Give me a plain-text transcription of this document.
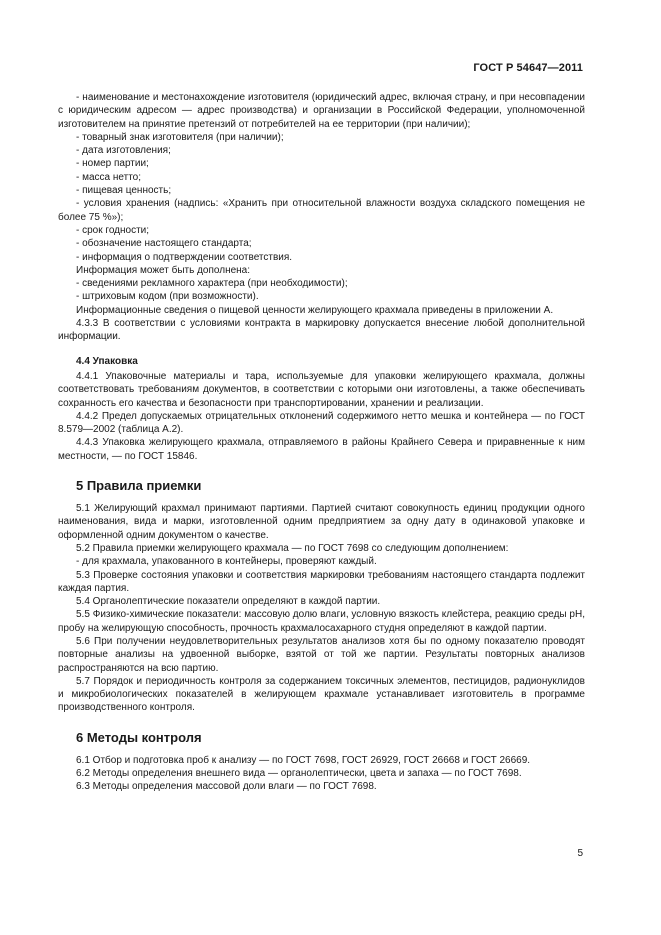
ГОСТ Р 54647—2011

- наименование и местонахождение изготовителя (юридический адрес, включая страну, и при несовпадении с юридическим адресом — адрес производства) и организации в Российской Федерации, уполномоченной изготовителем на принятие претензий от потребителей на ее территории (при наличии);

- товарный знак изготовителя (при наличии);

- дата изготовления;

- номер партии;

- масса нетто;

- пищевая ценность;

- условия хранения (надпись: «Хранить при относительной влажности воздуха складского помещения не более 75 %»);

- срок годности;

- обозначение настоящего стандарта;

- информация о подтверждении соответствия.

Информация может быть дополнена:

- сведениями рекламного характера (при необходимости);

- штриховым кодом (при возможности).

Информационные сведения о пищевой ценности желирующего крахмала приведены в приложении А.

4.3.3 В соответствии с условиями контракта в маркировку допускается внесение любой дополнительной информации.

4.4 Упаковка

4.4.1 Упаковочные материалы и тара, используемые для упаковки желирующего крахмала, должны соответствовать требованиям документов, в соответствии с которыми они изготовлены, а также обеспечивать сохранность его качества и безопасности при транспортировании, хранении и реализации.

4.4.2 Предел допускаемых отрицательных отклонений содержимого нетто мешка и контейнера — по ГОСТ 8.579—2002 (таблица А.2).

4.4.3 Упаковка желирующего крахмала, отправляемого в районы Крайнего Севера и приравненные к ним местности, — по ГОСТ 15846.

5 Правила приемки

5.1 Желирующий крахмал принимают партиями. Партией считают совокупность единиц продукции одного наименования, вида и марки, изготовленной одним предприятием за одну дату в одинаковой упаковке и оформленной одним документом о качестве.

5.2 Правила приемки желирующего крахмала — по ГОСТ 7698 со следующим дополнением:

- для крахмала, упакованного в контейнеры, проверяют каждый.

5.3 Проверке состояния упаковки и соответствия маркировки требованиям настоящего стандарта подлежит каждая партия.

5.4 Органолептические показатели определяют в каждой партии.

5.5 Физико-химические показатели: массовую долю влаги, условную вязкость клейстера, реакцию среды pH, пробу на желирующую способность, прочность крахмалосахарного студня определяют в каждой партии.

5.6 При получении неудовлетворительных результатов анализов хотя бы по одному показателю проводят повторные анализы на удвоенной выборке, взятой от той же партии. Результаты повторных анализов распространяются на всю партию.

5.7 Порядок и периодичность контроля за содержанием токсичных элементов, пестицидов, радионуклидов и микробиологических показателей в желирующем крахмале устанавливает изготовитель в программе производственного контроля.

6 Методы контроля

6.1 Отбор и подготовка проб к анализу — по ГОСТ 7698, ГОСТ 26929, ГОСТ 26668 и ГОСТ 26669.

6.2 Методы определения внешнего вида — органолептически, цвета и запаха — по ГОСТ 7698.

6.3 Методы определения массовой доли влаги — по ГОСТ 7698.

5
